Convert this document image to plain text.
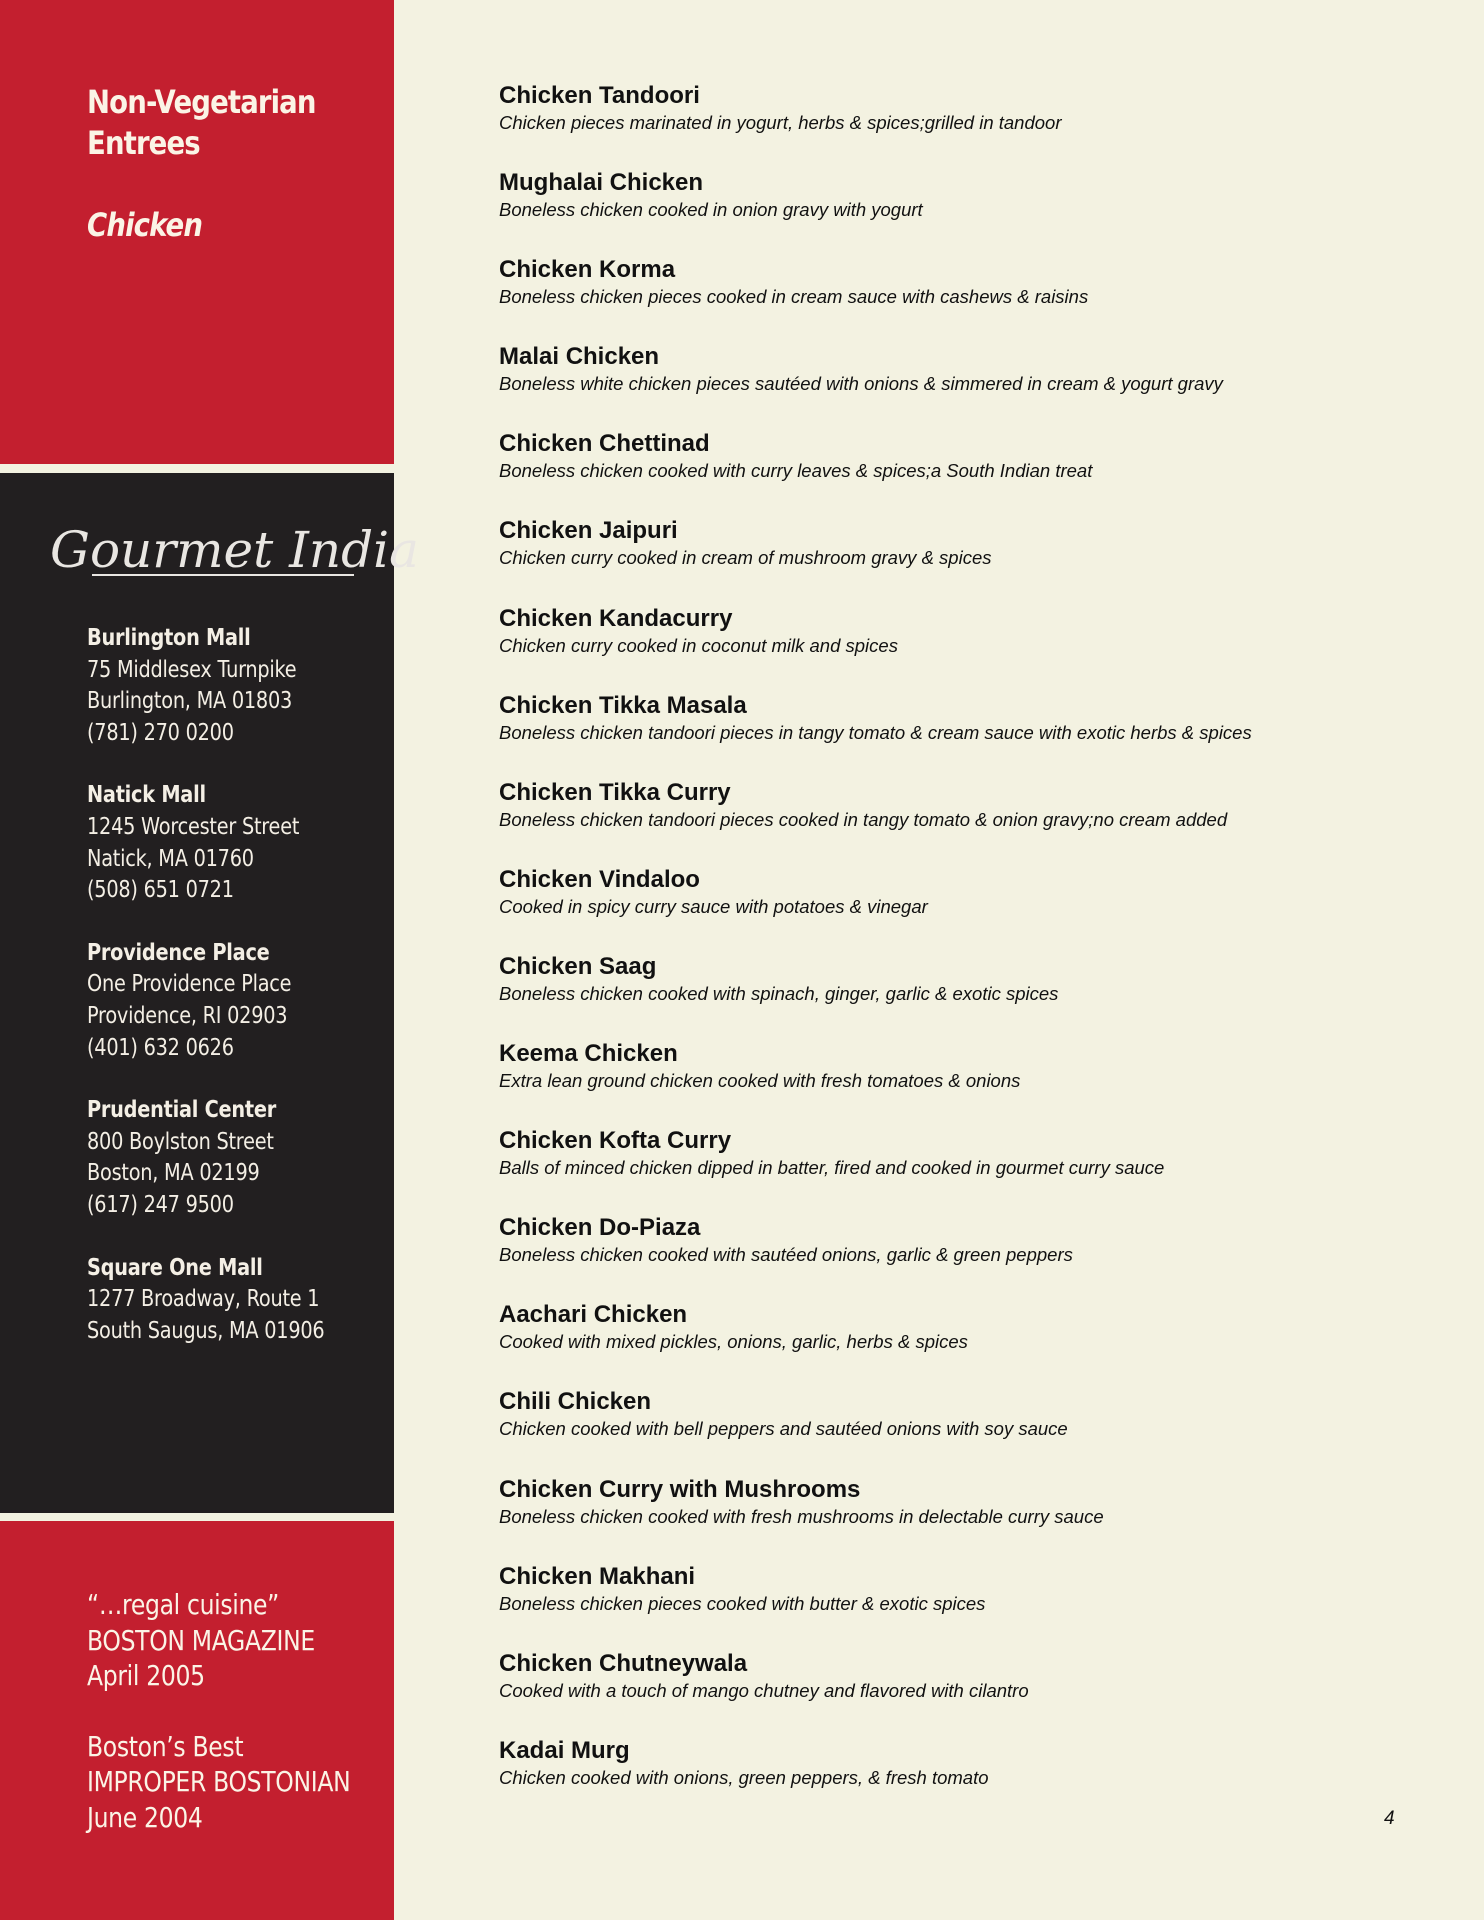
Non-Vegetarian
Entrees
Chicken
Gourmet India
Burlington Mall
75 Middlesex Turnpike
Burlington, MA 01803
(781) 270 0200
Natick Mall
1245 Worcester Street
Natick, MA 01760
(508) 651 0721
Providence Place
One Providence Place
Providence, RI 02903
(401) 632 0626
Prudential Center
800 Boylston Street
Boston, MA 02199
(617) 247 9500
Square One Mall
1277 Broadway, Route 1
South Saugus, MA 01906
“…regal cuisine”
BOSTON MAGAZINE
April 2005
Boston’s Best
IMPROPER BOSTONIAN
June 2004
Chicken Tandoori
Chicken pieces marinated in yogurt, herbs & spices;grilled in tandoor
Mughalai Chicken
Boneless chicken cooked in onion gravy with yogurt
Chicken Korma
Boneless chicken pieces cooked in cream sauce with cashews & raisins
Malai Chicken
Boneless white chicken pieces sautéed with onions & simmered in cream & yogurt gravy
Chicken Chettinad
Boneless chicken cooked with curry leaves & spices;a South Indian treat
Chicken Jaipuri
Chicken curry cooked in cream of mushroom gravy & spices
Chicken Kandacurry
Chicken curry cooked in coconut milk and spices
Chicken Tikka Masala
Boneless chicken tandoori pieces in tangy tomato & cream sauce with exotic herbs & spices
Chicken Tikka Curry
Boneless chicken tandoori pieces cooked in tangy tomato & onion gravy;no cream added
Chicken Vindaloo
Cooked in spicy curry sauce with potatoes & vinegar
Chicken Saag
Boneless chicken cooked with spinach, ginger, garlic & exotic spices
Keema Chicken
Extra lean ground chicken cooked with fresh tomatoes & onions
Chicken Kofta Curry
Balls of minced chicken dipped in batter, fired and cooked in gourmet curry sauce
Chicken Do-Piaza
Boneless chicken cooked with sautéed onions, garlic & green peppers
Aachari Chicken
Cooked with mixed pickles, onions, garlic, herbs & spices
Chili Chicken
Chicken cooked with bell peppers and sautéed onions with soy sauce
Chicken Curry with Mushrooms
Boneless chicken cooked with fresh mushrooms in delectable curry sauce
Chicken Makhani
Boneless chicken pieces cooked with butter & exotic spices
Chicken Chutneywala
Cooked with a touch of mango chutney and flavored with cilantro
Kadai Murg
Chicken cooked with onions, green peppers, & fresh tomato
4
